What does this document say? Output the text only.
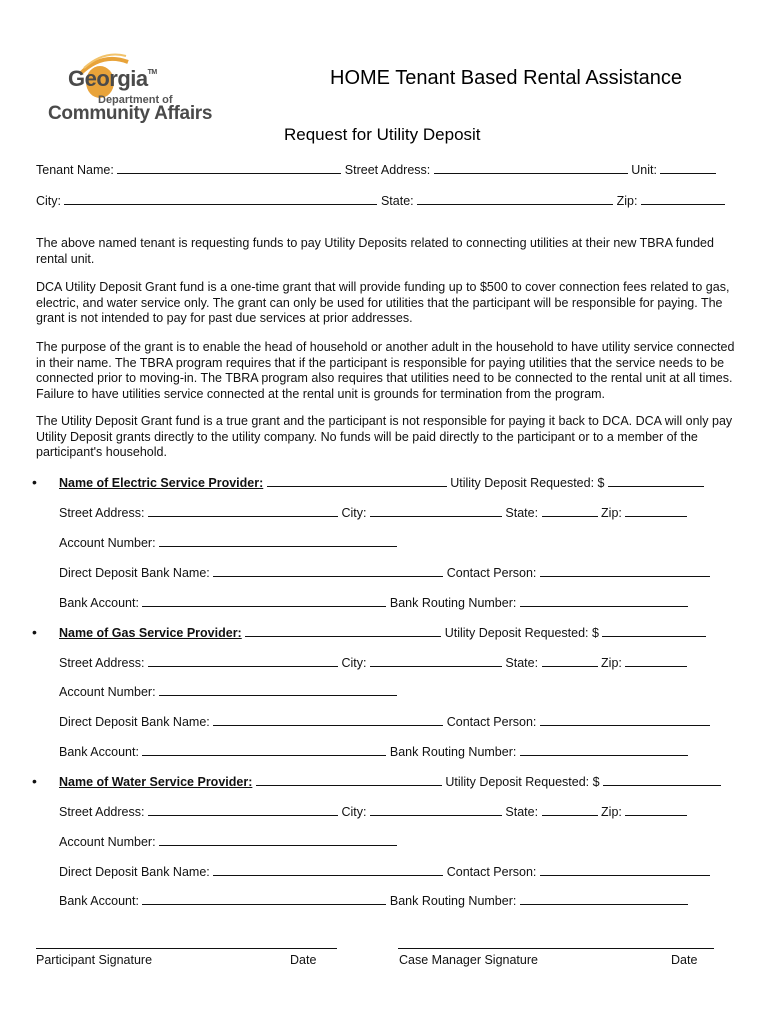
Georgia™
Department of
Community Affairs
HOME Tenant Based Rental Assistance
Request for Utility Deposit
Tenant Name:	Street Address:	Unit:
City:	State:	Zip:
The above named tenant is requesting funds to pay Utility Deposits related to connecting utilities at their new TBRA funded rental unit.
DCA Utility Deposit Grant fund is a one-time grant that will provide funding up to $500 to cover connection fees related to gas, electric, and water service only. The grant can only be used for utilities that the participant will be responsible for paying. The grant is not intended to pay for past due services at prior addresses.
The purpose of the grant is to enable the head of household or another adult in the household to have utility service connected in their name. The TBRA program requires that if the participant is responsible for paying utilities that the service needs to be connected prior to moving-in. The TBRA program also requires that utilities need to be connected to the rental unit at all times. Failure to have utilities service connected at the rental unit is grounds for termination from the program.
The Utility Deposit Grant fund is a true grant and the participant is not responsible for paying it back to DCA. DCA will only pay Utility Deposit grants directly to the utility company. No funds will be paid directly to the participant or to a member of the participant's household.
• Name of Electric Service Provider:	Utility Deposit Requested: $
Street Address:	City:	State:	Zip:
Account Number:
Direct Deposit Bank Name:	Contact Person:
Bank Account:	Bank Routing Number:
• Name of Gas Service Provider:	Utility Deposit Requested: $
Street Address:	City:	State:	Zip:
Account Number:
Direct Deposit Bank Name:	Contact Person:
Bank Account:	Bank Routing Number:
• Name of Water Service Provider:	Utility Deposit Requested: $
Street Address:	City:	State:	Zip:
Account Number:
Direct Deposit Bank Name:	Contact Person:
Bank Account:	Bank Routing Number:
Participant Signature	Date	Case Manager Signature	Date
